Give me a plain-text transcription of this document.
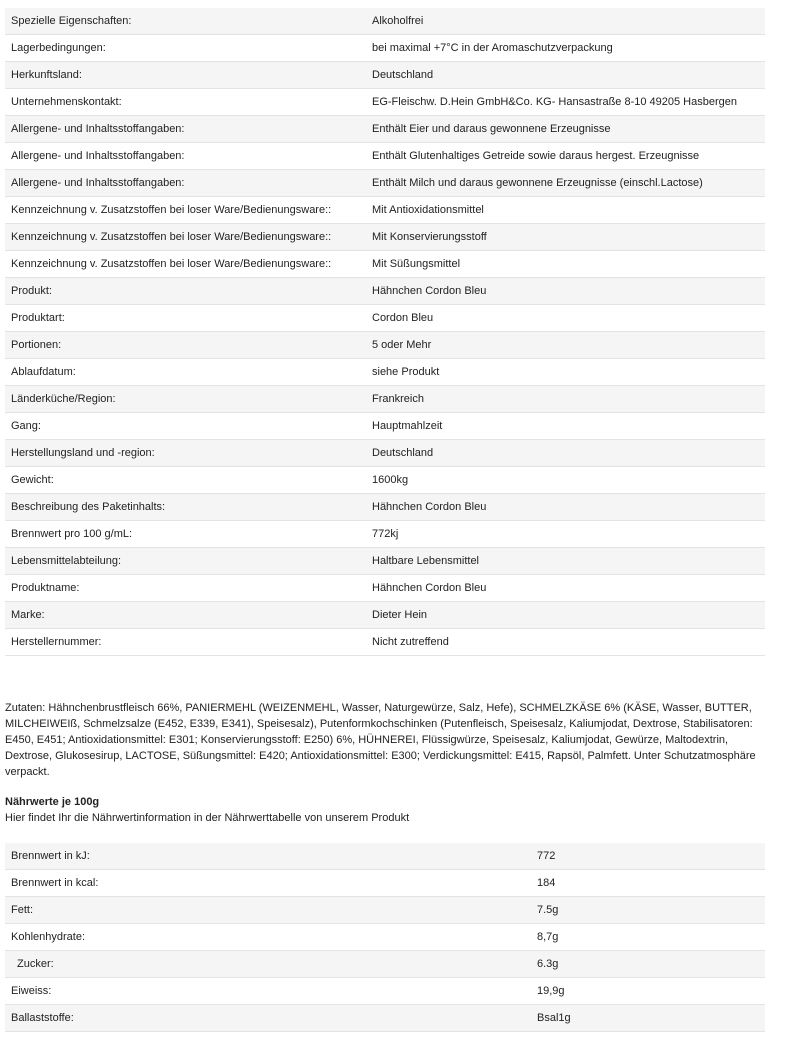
Spezielle Eigenschaften:	Alkoholfrei
Lagerbedingungen:	bei maximal +7°C in der Aromaschutzverpackung
Herkunftsland:	Deutschland
Unternehmenskontakt:	EG-Fleischw. D.Hein GmbH&Co. KG- Hansastraße 8-10 49205 Hasbergen
Allergene- und Inhaltsstoffangaben:	Enthält Eier und daraus gewonnene Erzeugnisse
Allergene- und Inhaltsstoffangaben:	Enthält Glutenhaltiges Getreide sowie daraus hergest. Erzeugnisse
Allergene- und Inhaltsstoffangaben:	Enthält Milch und daraus gewonnene Erzeugnisse (einschl.Lactose)
Kennzeichnung v. Zusatzstoffen bei loser Ware/Bedienungsware::	Mit Antioxidationsmittel
Kennzeichnung v. Zusatzstoffen bei loser Ware/Bedienungsware::	Mit Konservierungsstoff
Kennzeichnung v. Zusatzstoffen bei loser Ware/Bedienungsware::	Mit Süßungsmittel
Produkt:	Hähnchen Cordon Bleu
Produktart:	Cordon Bleu
Portionen:	5 oder Mehr
Ablaufdatum:	siehe Produkt
Länderküche/Region:	Frankreich
Gang:	Hauptmahlzeit
Herstellungsland und -region:	Deutschland
Gewicht:	1600kg
Beschreibung des Paketinhalts:	Hähnchen Cordon Bleu
Brennwert pro 100 g/mL:	772kj
Lebensmittelabteilung:	Haltbare Lebensmittel
Produktname:	Hähnchen Cordon Bleu
Marke:	Dieter Hein
Herstellernummer:	Nicht zutreffend
Zutaten: Hähnchenbrustfleisch 66%, PANIERMEHL (WEIZENMEHL, Wasser, Naturgewürze, Salz, Hefe), SCHMELZKÄSE 6% (KÄSE, Wasser, BUTTER, MILCHEIWEIß, Schmelzsalze (E452, E339, E341), Speisesalz), Putenformkochschinken (Putenfleisch, Speisesalz, Kaliumjodat, Dextrose, Stabilisatoren: E450, E451; Antioxidationsmittel: E301; Konservierungsstoff: E250) 6%, HÜHNEREI, Flüssigwürze, Speisesalz, Kaliumjodat, Gewürze, Maltodextrin, Dextrose, Glukosesirup, LACTOSE, Süßungsmittel: E420; Antioxidationsmittel: E300; Verdickungsmittel: E415, Rapsöl, Palmfett. Unter Schutzatmosphäre verpackt.
Nährwerte je 100g
Hier findet Ihr die Nährwertinformation in der Nährwerttabelle von unserem Produkt
Brennwert in kJ:	772
Brennwert in kcal:	184
Fett:	7.5g
Kohlenhydrate:	8,7g
Zucker:	6.3g
Eiweiss:	19,9g
Ballaststoffe:	Bsal1g
